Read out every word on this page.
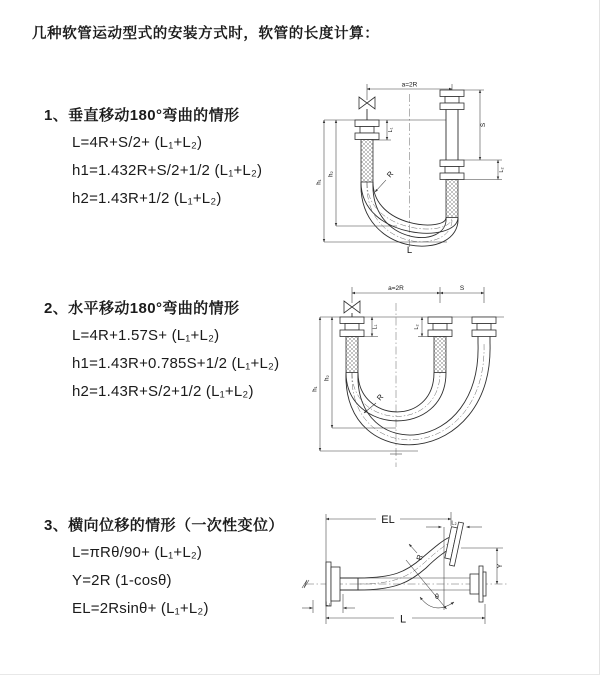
几种软管运动型式的安装方式时，软管的长度计算：
1、垂直移动180°弯曲的情形
L=4R+S/2+ (L₁+L₂)
h1=1.432R+S/2+1/2 (L₁+L₂)
h2=1.43R+1/2 (L₁+L₂)
a=2R
h₁
h₂
L₁
S
L₂
R
L
2、水平移动180°弯曲的情形
L=4R+1.57S+ (L₁+L₂)
h1=1.43R+0.785S+1/2 (L₁+L₂)
h2=1.43R+S/2+1/2 (L₁+L₂)
a=2R	S
h₁
h₂
L₁	L₂
R
3、横向位移的情形（一次性变位）
L=πRθ/90+ (L₁+L₂)
Y=2R (1-cosθ)
EL=2Rsinθ+ (L₁+L₂)
EL	L₂
R
Y
θ
L
L₁
